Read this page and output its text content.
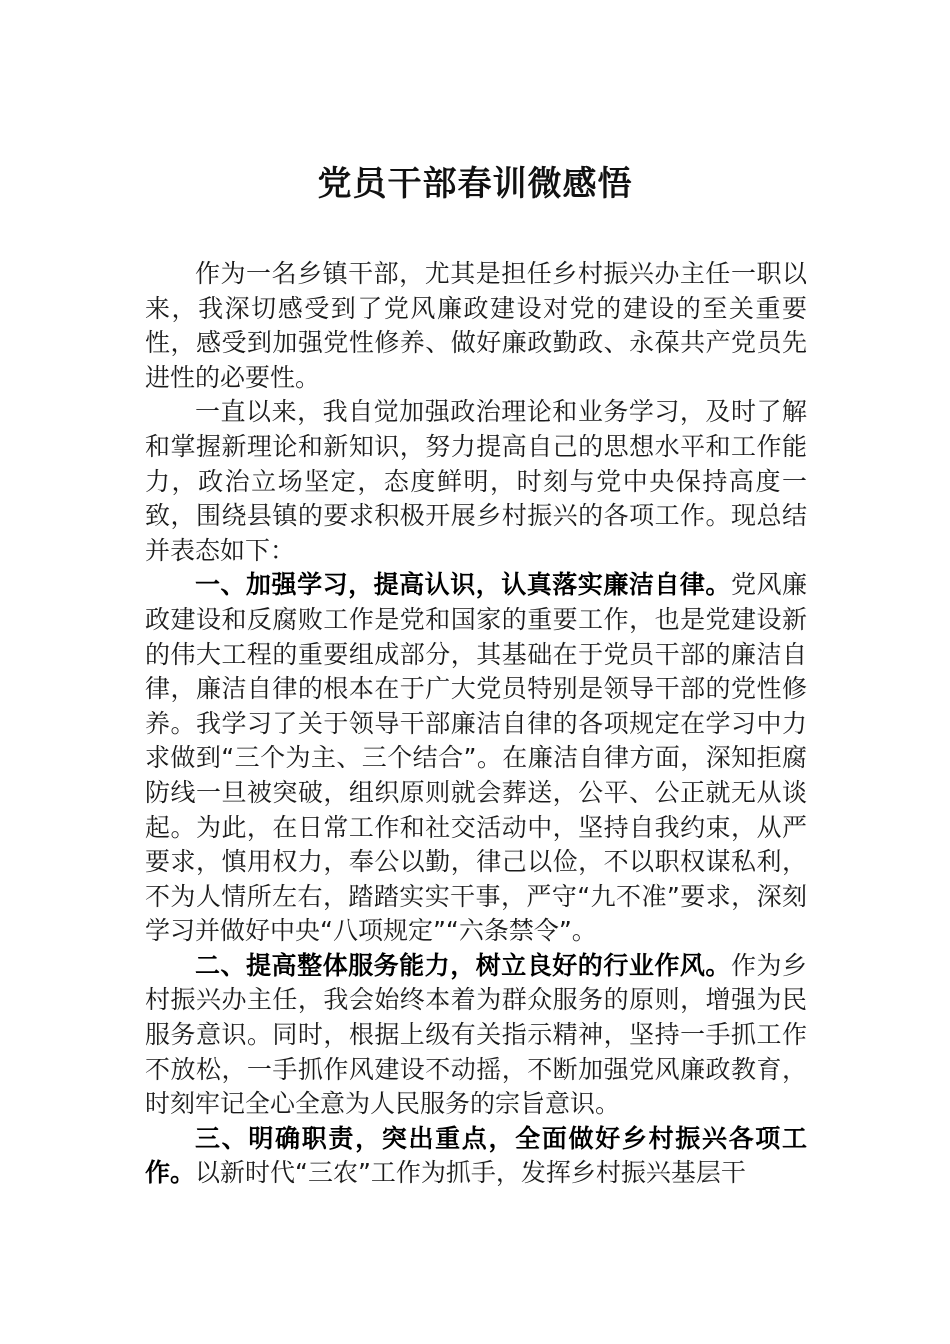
党员干部春训微感悟

作为一名乡镇干部，尤其是担任乡村振兴办主任一职以来，我深切感受到了党风廉政建设对党的建设的至关重要性，感受到加强党性修养、做好廉政勤政、永葆共产党员先进性的必要性。

一直以来，我自觉加强政治理论和业务学习，及时了解和掌握新理论和新知识，努力提高自己的思想水平和工作能力，政治立场坚定，态度鲜明，时刻与党中央保持高度一致，围绕县镇的要求积极开展乡村振兴的各项工作。现总结并表态如下：

一、加强学习，提高认识，认真落实廉洁自律。党风廉政建设和反腐败工作是党和国家的重要工作，也是党建设新的伟大工程的重要组成部分，其基础在于党员干部的廉洁自律，廉洁自律的根本在于广大党员特别是领导干部的党性修养。我学习了关于领导干部廉洁自律的各项规定在学习中力求做到“三个为主、三个结合”。在廉洁自律方面，深知拒腐防线一旦被突破，组织原则就会葬送，公平、公正就无从谈起。为此，在日常工作和社交活动中，坚持自我约束，从严要求，慎用权力，奉公以勤，律己以俭，不以职权谋私利，不为人情所左右，踏踏实实干事，严守“九不准”要求，深刻学习并做好中央“八项规定”“六条禁令”。

二、提高整体服务能力，树立良好的行业作风。作为乡村振兴办主任，我会始终本着为群众服务的原则，增强为民服务意识。同时，根据上级有关指示精神，坚持一手抓工作不放松，一手抓作风建设不动摇，不断加强党风廉政教育，时刻牢记全心全意为人民服务的宗旨意识。

三、明确职责，突出重点，全面做好乡村振兴各项工作。以新时代“三农”工作为抓手，发挥乡村振兴基层干
